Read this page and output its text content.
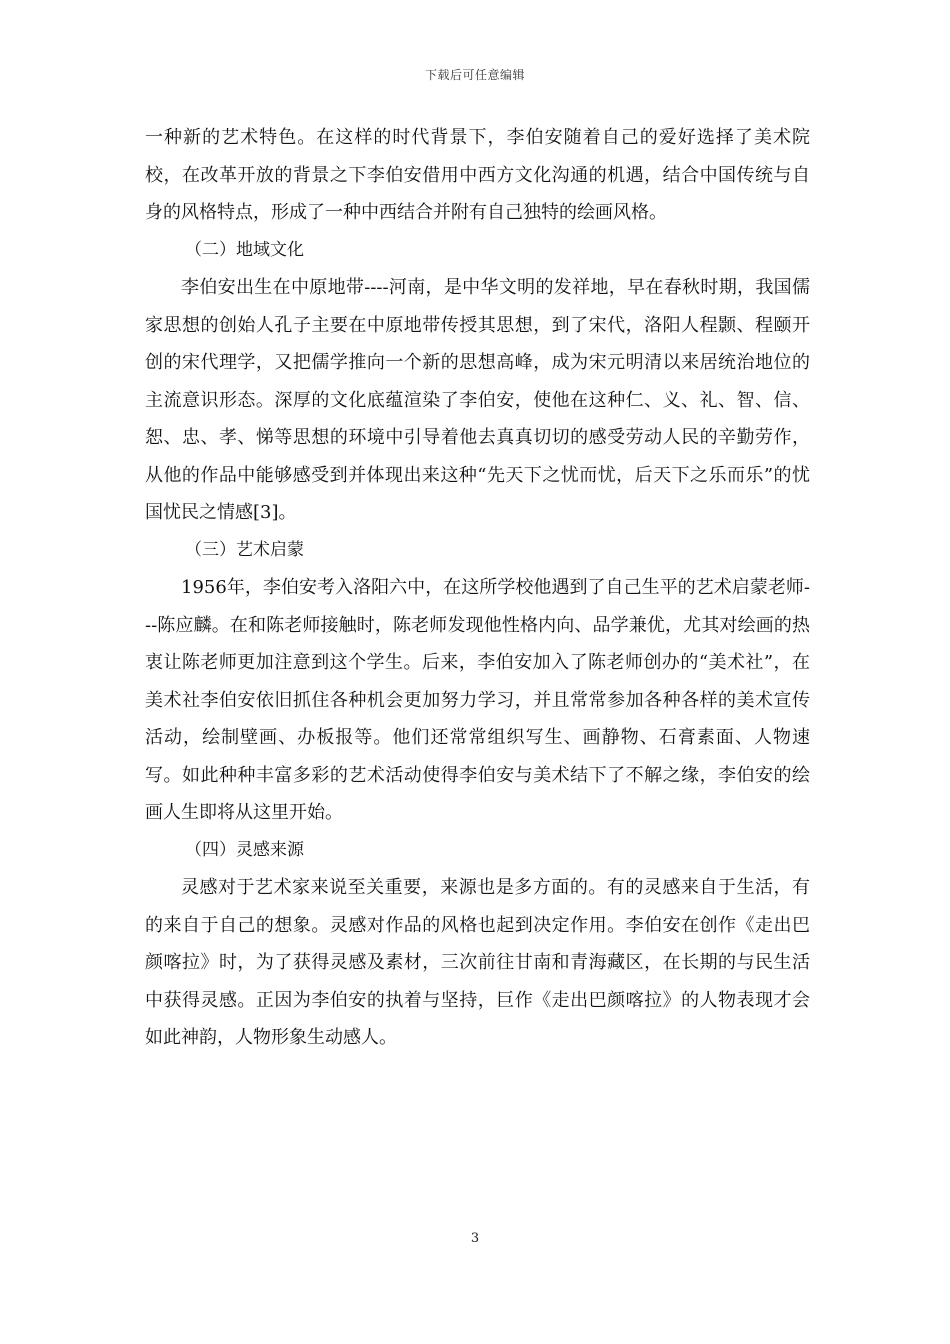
下载后可任意编辑

一种新的艺术特色。在这样的时代背景下，李伯安随着自己的爱好选择了美术院校，在改革开放的背景之下李伯安借用中西方文化沟通的机遇，结合中国传统与自身的风格特点，形成了一种中西结合并附有自己独特的绘画风格。

（二）地域文化

李伯安出生在中原地带----河南，是中华文明的发祥地，早在春秋时期，我国儒家思想的创始人孔子主要在中原地带传授其思想，到了宋代，洛阳人程颢、程颐开创的宋代理学，又把儒学推向一个新的思想高峰，成为宋元明清以来居统治地位的主流意识形态。深厚的文化底蕴渲染了李伯安，使他在这种仁、义、礼、智、信、恕、忠、孝、悌等思想的环境中引导着他去真真切切的感受劳动人民的辛勤劳作，从他的作品中能够感受到并体现出来这种“先天下之忧而忧，后天下之乐而乐”的忧国忧民之情感[3]。

（三）艺术启蒙

1956年，李伯安考入洛阳六中，在这所学校他遇到了自己生平的艺术启蒙老师---陈应麟。在和陈老师接触时，陈老师发现他性格内向、品学兼优，尤其对绘画的热衷让陈老师更加注意到这个学生。后来，李伯安加入了陈老师创办的“美术社”，在美术社李伯安依旧抓住各种机会更加努力学习，并且常常参加各种各样的美术宣传活动，绘制壁画、办板报等。他们还常常组织写生、画静物、石膏素面、人物速写。如此种种丰富多彩的艺术活动使得李伯安与美术结下了不解之缘，李伯安的绘画人生即将从这里开始。

（四）灵感来源

灵感对于艺术家来说至关重要，来源也是多方面的。有的灵感来自于生活，有的来自于自己的想象。灵感对作品的风格也起到决定作用。李伯安在创作《走出巴颜喀拉》时，为了获得灵感及素材，三次前往甘南和青海藏区，在长期的与民生活中获得灵感。正因为李伯安的执着与坚持，巨作《走出巴颜喀拉》的人物表现才会如此神韵，人物形象生动感人。

3
